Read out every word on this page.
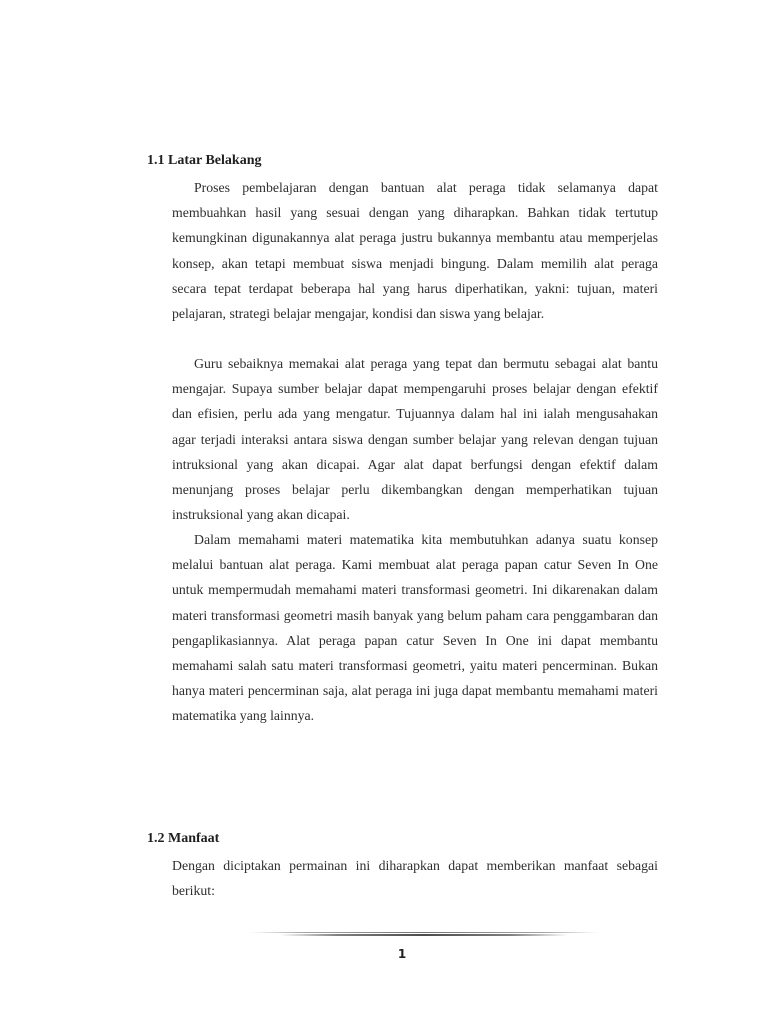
1.1 Latar Belakang

Proses pembelajaran dengan bantuan alat peraga tidak selamanya dapat membuahkan hasil yang sesuai dengan yang diharapkan. Bahkan tidak tertutup kemungkinan digunakannya alat peraga justru bukannya membantu atau memperjelas konsep, akan tetapi membuat siswa menjadi bingung. Dalam memilih alat peraga secara tepat terdapat beberapa hal yang harus diperhatikan, yakni: tujuan, materi pelajaran, strategi belajar mengajar, kondisi dan siswa yang belajar.

Guru sebaiknya memakai alat peraga yang tepat dan bermutu sebagai alat bantu mengajar. Supaya sumber belajar dapat mempengaruhi proses belajar dengan efektif dan efisien, perlu ada yang mengatur. Tujuannya dalam hal ini ialah mengusahakan agar terjadi interaksi antara siswa dengan sumber belajar yang relevan dengan tujuan intruksional yang akan dicapai. Agar alat dapat berfungsi dengan efektif dalam menunjang proses belajar perlu dikembangkan dengan memperhatikan tujuan instruksional yang akan dicapai.

Dalam memahami materi matematika kita membutuhkan adanya suatu konsep melalui bantuan alat peraga. Kami membuat alat peraga papan catur Seven In One untuk mempermudah memahami materi transformasi geometri. Ini dikarenakan dalam materi transformasi geometri masih banyak yang belum paham cara penggambaran dan pengaplikasiannya. Alat peraga papan catur Seven In One ini dapat membantu memahami salah satu materi transformasi geometri, yaitu materi pencerminan. Bukan hanya materi pencerminan saja, alat peraga ini juga dapat membantu memahami materi matematika yang lainnya.

1.2 Manfaat

Dengan diciptakan permainan ini diharapkan dapat memberikan manfaat sebagai berikut:

1
